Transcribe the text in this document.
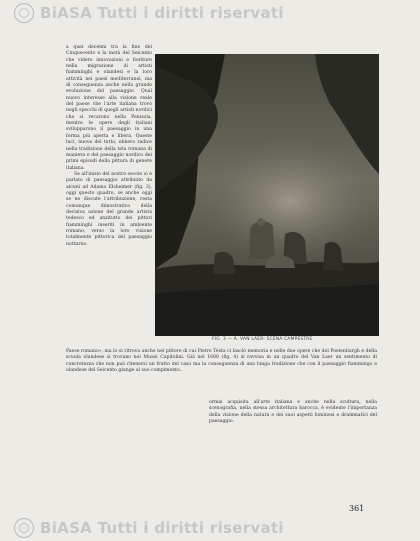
BiASA Tutti i diritti riservati

a quei decenni tra la fine del Cinquecento e la metà del Seicento che videro innovazioni e fioriture nella migrazione di artisti fiamminghi e olandesi e la loro attività nei paesi mediterranei, ma di conseguenza anche nella grande evoluzione del paesaggio. Qual nuovo interesse alla visione reale del paese che l'arte italiana trovò negli specchi di quegli artisti nordici che si recarono nella Penisola, mentre le opere degli italiani svilupparono il paesaggio in una forma più aperta e libera. Queste luci, nuove del tutto, ebbero radice nella tradizione della tela romana di maniera e del paesaggio nordico dei primi episodi della pittura di genere italiana.

Se all'inizio del nostro secolo si è parlato di paesaggio attribuito da alcuni ad Adamo Elsheimer (fig. 3), oggi questo quadro, se anche oggi se ne discute l'attribuzione, resta comunque dimostrativo della decisiva azione del grande artista tedesco ed anzitutto dei pittori fiamminghi inseriti in ambiente romano, verso la loro visione totalmente pittorica del paesaggio notturno.

FIG. 3 — A. VAN LAER: SCENA CAMPESTRE

Paese romano», ma lo si ritrova anche nel pittore di cui Pietro Testa ci lasciò memoria e nelle due opere che del Poelenburgh e della scuola olandese si trovano nei Musei Capitolini. Già nel 1600 (fig. 4) si ravvisa in un quadro del Van Laer un sentimento di concretezza che non può ritenersi un frutto del caso ma la conseguenza di una lunga tradizione che con il paesaggio fiammingo e olandese del Seicento giunge al suo compimento.

ormai acquisita all'arte italiana e anche nella scultura, nella scenografia, nella stessa architettura barocca, è evidente l'importanza della visione della natura e dei suoi aspetti luminosi e drammatici del paesaggio.

361
BiASA Tutti i diritti riservati
